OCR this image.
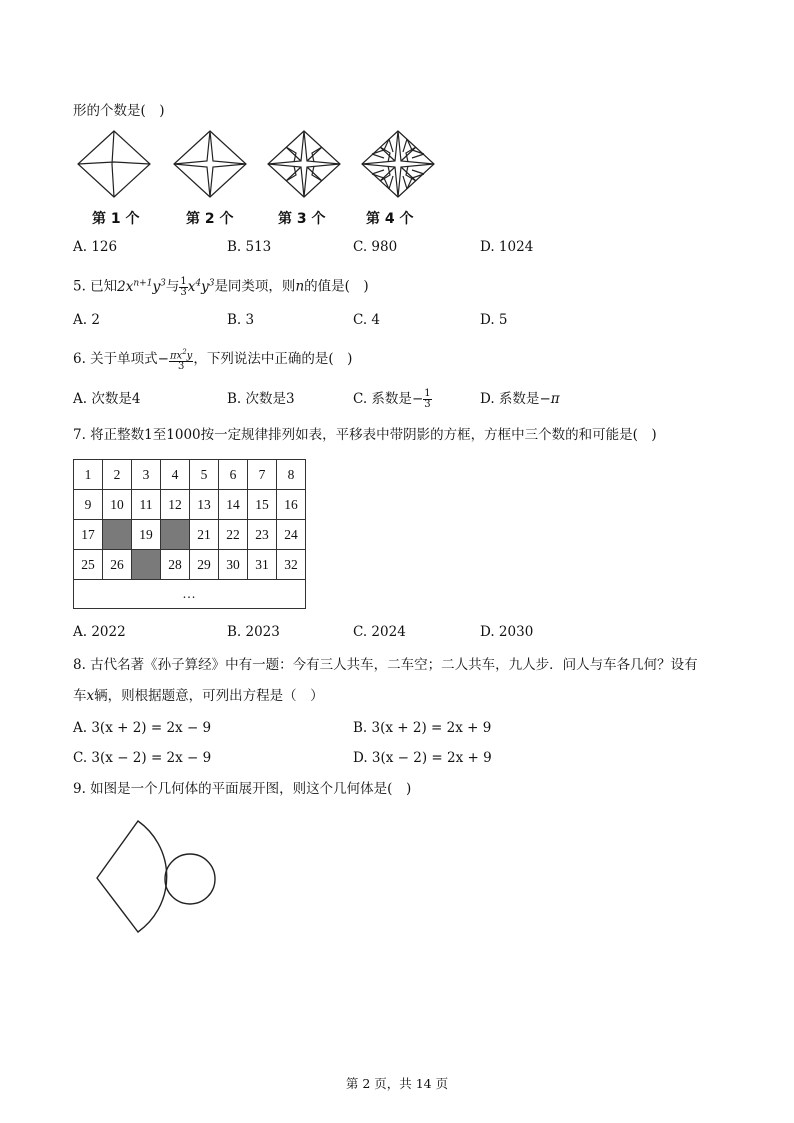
形的个数是(　)
第 1 个	第 2 个	第 3 个	第 4 个
A. 126	B. 513	C. 980	D. 1024
5. 已知$2x^{n+1}y^3$与 $\frac{1}{3} x^4y^3$是同类项，则n的值是(　)
A. 2	B. 3	C. 4	D. 5
6. 关于单项式− $\frac{\pi x^2y}{3}$ ，下列说法中正确的是(　)
A. 次数是4	B. 次数是3	C. 系数是− $\frac{1}{3}$	D. 系数是−π
7. 将正整数1至1000按一定规律排列如表，平移表中带阴影的方框，方框中三个数的和可能是(　)
1	2	3	4	5	6	7	8
9	10	11	12	13	14	15	16
17		19		21	22	23	24
25	26		28	29	30	31	32
…							
A. 2022	B. 2023	C. 2024	D. 2030
8. 古代名著《孙子算经》中有一题：今有三人共车，二车空；二人共车，九人步．问人与车各几何？设有
车x辆，则根据题意，可列出方程是（　）
A. 3(x + 2) = 2x − 9	B. 3(x + 2) = 2x + 9
C. 3(x − 2) = 2x − 9	D. 3(x − 2) = 2x + 9
9. 如图是一个几何体的平面展开图，则这个几何体是(　)
第 2 页，共 14 页
